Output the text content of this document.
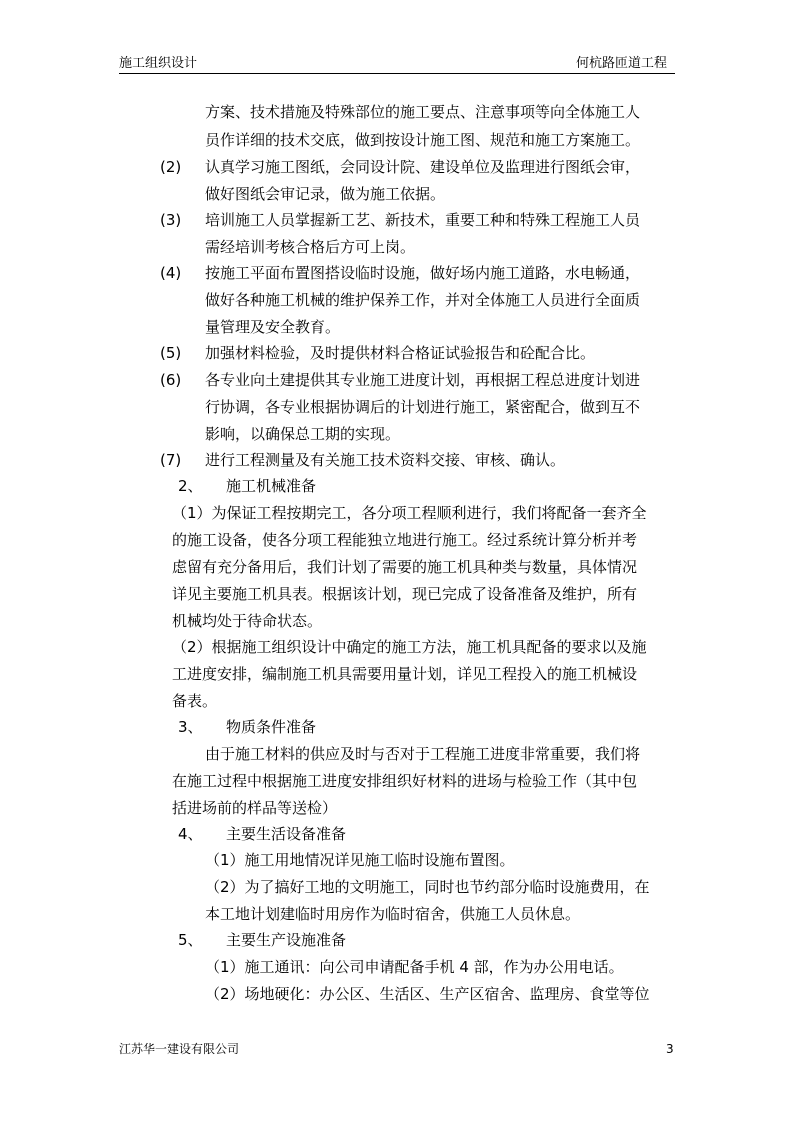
施工组织设计	何杭路匝道工程
方案、技术措施及特殊部位的施工要点、注意事项等向全体施工人
员作详细的技术交底，做到按设计施工图、规范和施工方案施工。
(2) 认真学习施工图纸，会同设计院、建设单位及监理进行图纸会审，
做好图纸会审记录，做为施工依据。
(3) 培训施工人员掌握新工艺、新技术，重要工种和特殊工程施工人员
需经培训考核合格后方可上岗。
(4) 按施工平面布置图搭设临时设施，做好场内施工道路，水电畅通，
做好各种施工机械的维护保养工作，并对全体施工人员进行全面质
量管理及安全教育。
(5) 加强材料检验，及时提供材料合格证试验报告和砼配合比。
(6) 各专业向土建提供其专业施工进度计划，再根据工程总进度计划进
行协调，各专业根据协调后的计划进行施工，紧密配合，做到互不
影响，以确保总工期的实现。
(7) 进行工程测量及有关施工技术资料交接、审核、确认。
2、 施工机械准备
（1）为保证工程按期完工，各分项工程顺利进行，我们将配备一套齐全
的施工设备，使各分项工程能独立地进行施工。经过系统计算分析并考
虑留有充分备用后，我们计划了需要的施工机具种类与数量，具体情况
详见主要施工机具表。根据该计划，现已完成了设备准备及维护，所有
机械均处于待命状态。
（2）根据施工组织设计中确定的施工方法，施工机具配备的要求以及施
工进度安排，编制施工机具需要用量计划，详见工程投入的施工机械设
备表。
3、 物质条件准备
由于施工材料的供应及时与否对于工程施工进度非常重要，我们将
在施工过程中根据施工进度安排组织好材料的进场与检验工作（其中包
括进场前的样品等送检）
4、 主要生活设备准备
（1）施工用地情况详见施工临时设施布置图。
（2）为了搞好工地的文明施工，同时也节约部分临时设施费用，在
本工地计划建临时用房作为临时宿舍，供施工人员休息。
5、 主要生产设施准备
（1）施工通讯：向公司申请配备手机 4 部，作为办公用电话。
（2）场地硬化：办公区、生活区、生产区宿舍、监理房、食堂等位
江苏华一建设有限公司	3
